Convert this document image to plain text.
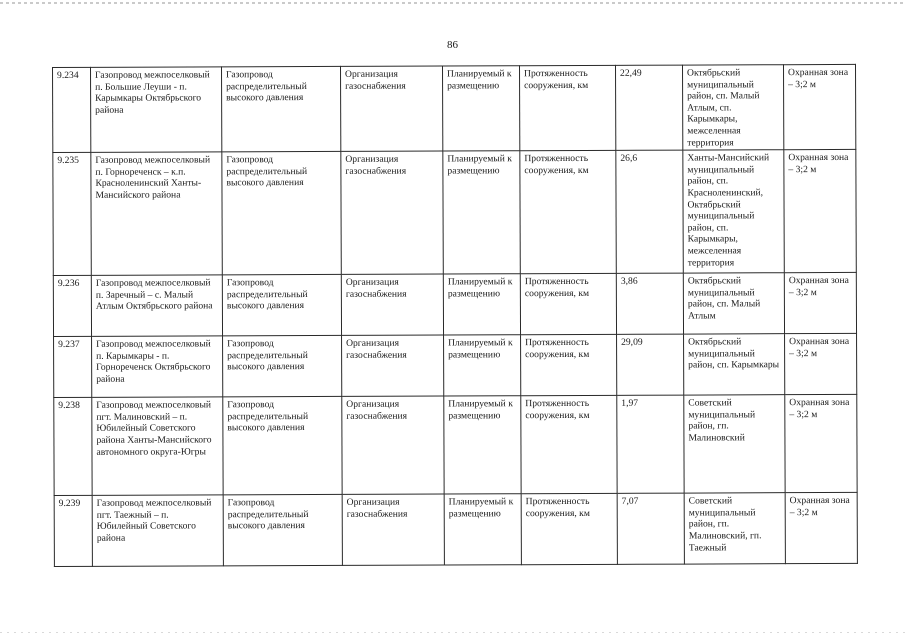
86
9.234	Газопровод межпоселковый п. Большие Леуши - п. Карымкары Октябрьского района	Газопровод распределительный высокого давления	Организация газоснабжения	Планируемый к размещению	Протяженность сооружения, км	22,49	Октябрьский муниципальный район, сп. Малый Атлым, сп. Карымкары, межселенная территория	Охранная зона – 3;2 м
9.235	Газопровод межпоселковый п. Горнореченск – к.п. Красноленинский Ханты-Мансийского района	Газопровод распределительный высокого давления	Организация газоснабжения	Планируемый к размещению	Протяженность сооружения, км	26,6	Ханты-Мансийский муниципальный район, сп. Красноленинский, Октябрьский муниципальный район, сп. Карымкары, межселенная территория	Охранная зона – 3;2 м
9.236	Газопровод межпоселковый п. Заречный – с. Малый Атлым Октябрьского района	Газопровод распределительный высокого давления	Организация газоснабжения	Планируемый к размещению	Протяженность сооружения, км	3,86	Октябрьский муниципальный район, сп. Малый Атлым	Охранная зона – 3;2 м
9.237	Газопровод межпоселковый п. Карымкары - п. Горнореченск Октябрьского района	Газопровод распределительный высокого давления	Организация газоснабжения	Планируемый к размещению	Протяженность сооружения, км	29,09	Октябрьский муниципальный район, сп. Карымкары	Охранная зона – 3;2 м
9.238	Газопровод межпоселковый пгт. Малиновский – п. Юбилейный Советского района Ханты-Мансийского автономного округа-Югры	Газопровод распределительный высокого давления	Организация газоснабжения	Планируемый к размещению	Протяженность сооружения, км	1,97	Советский муниципальный район, гп. Малиновский	Охранная зона – 3;2 м
9.239	Газопровод межпоселковый пгт. Таежный – п. Юбилейный Советского района	Газопровод распределительный высокого давления	Организация газоснабжения	Планируемый к размещению	Протяженность сооружения, км	7,07	Советский муниципальный район, гп. Малиновский, гп. Таежный	Охранная зона – 3;2 м
